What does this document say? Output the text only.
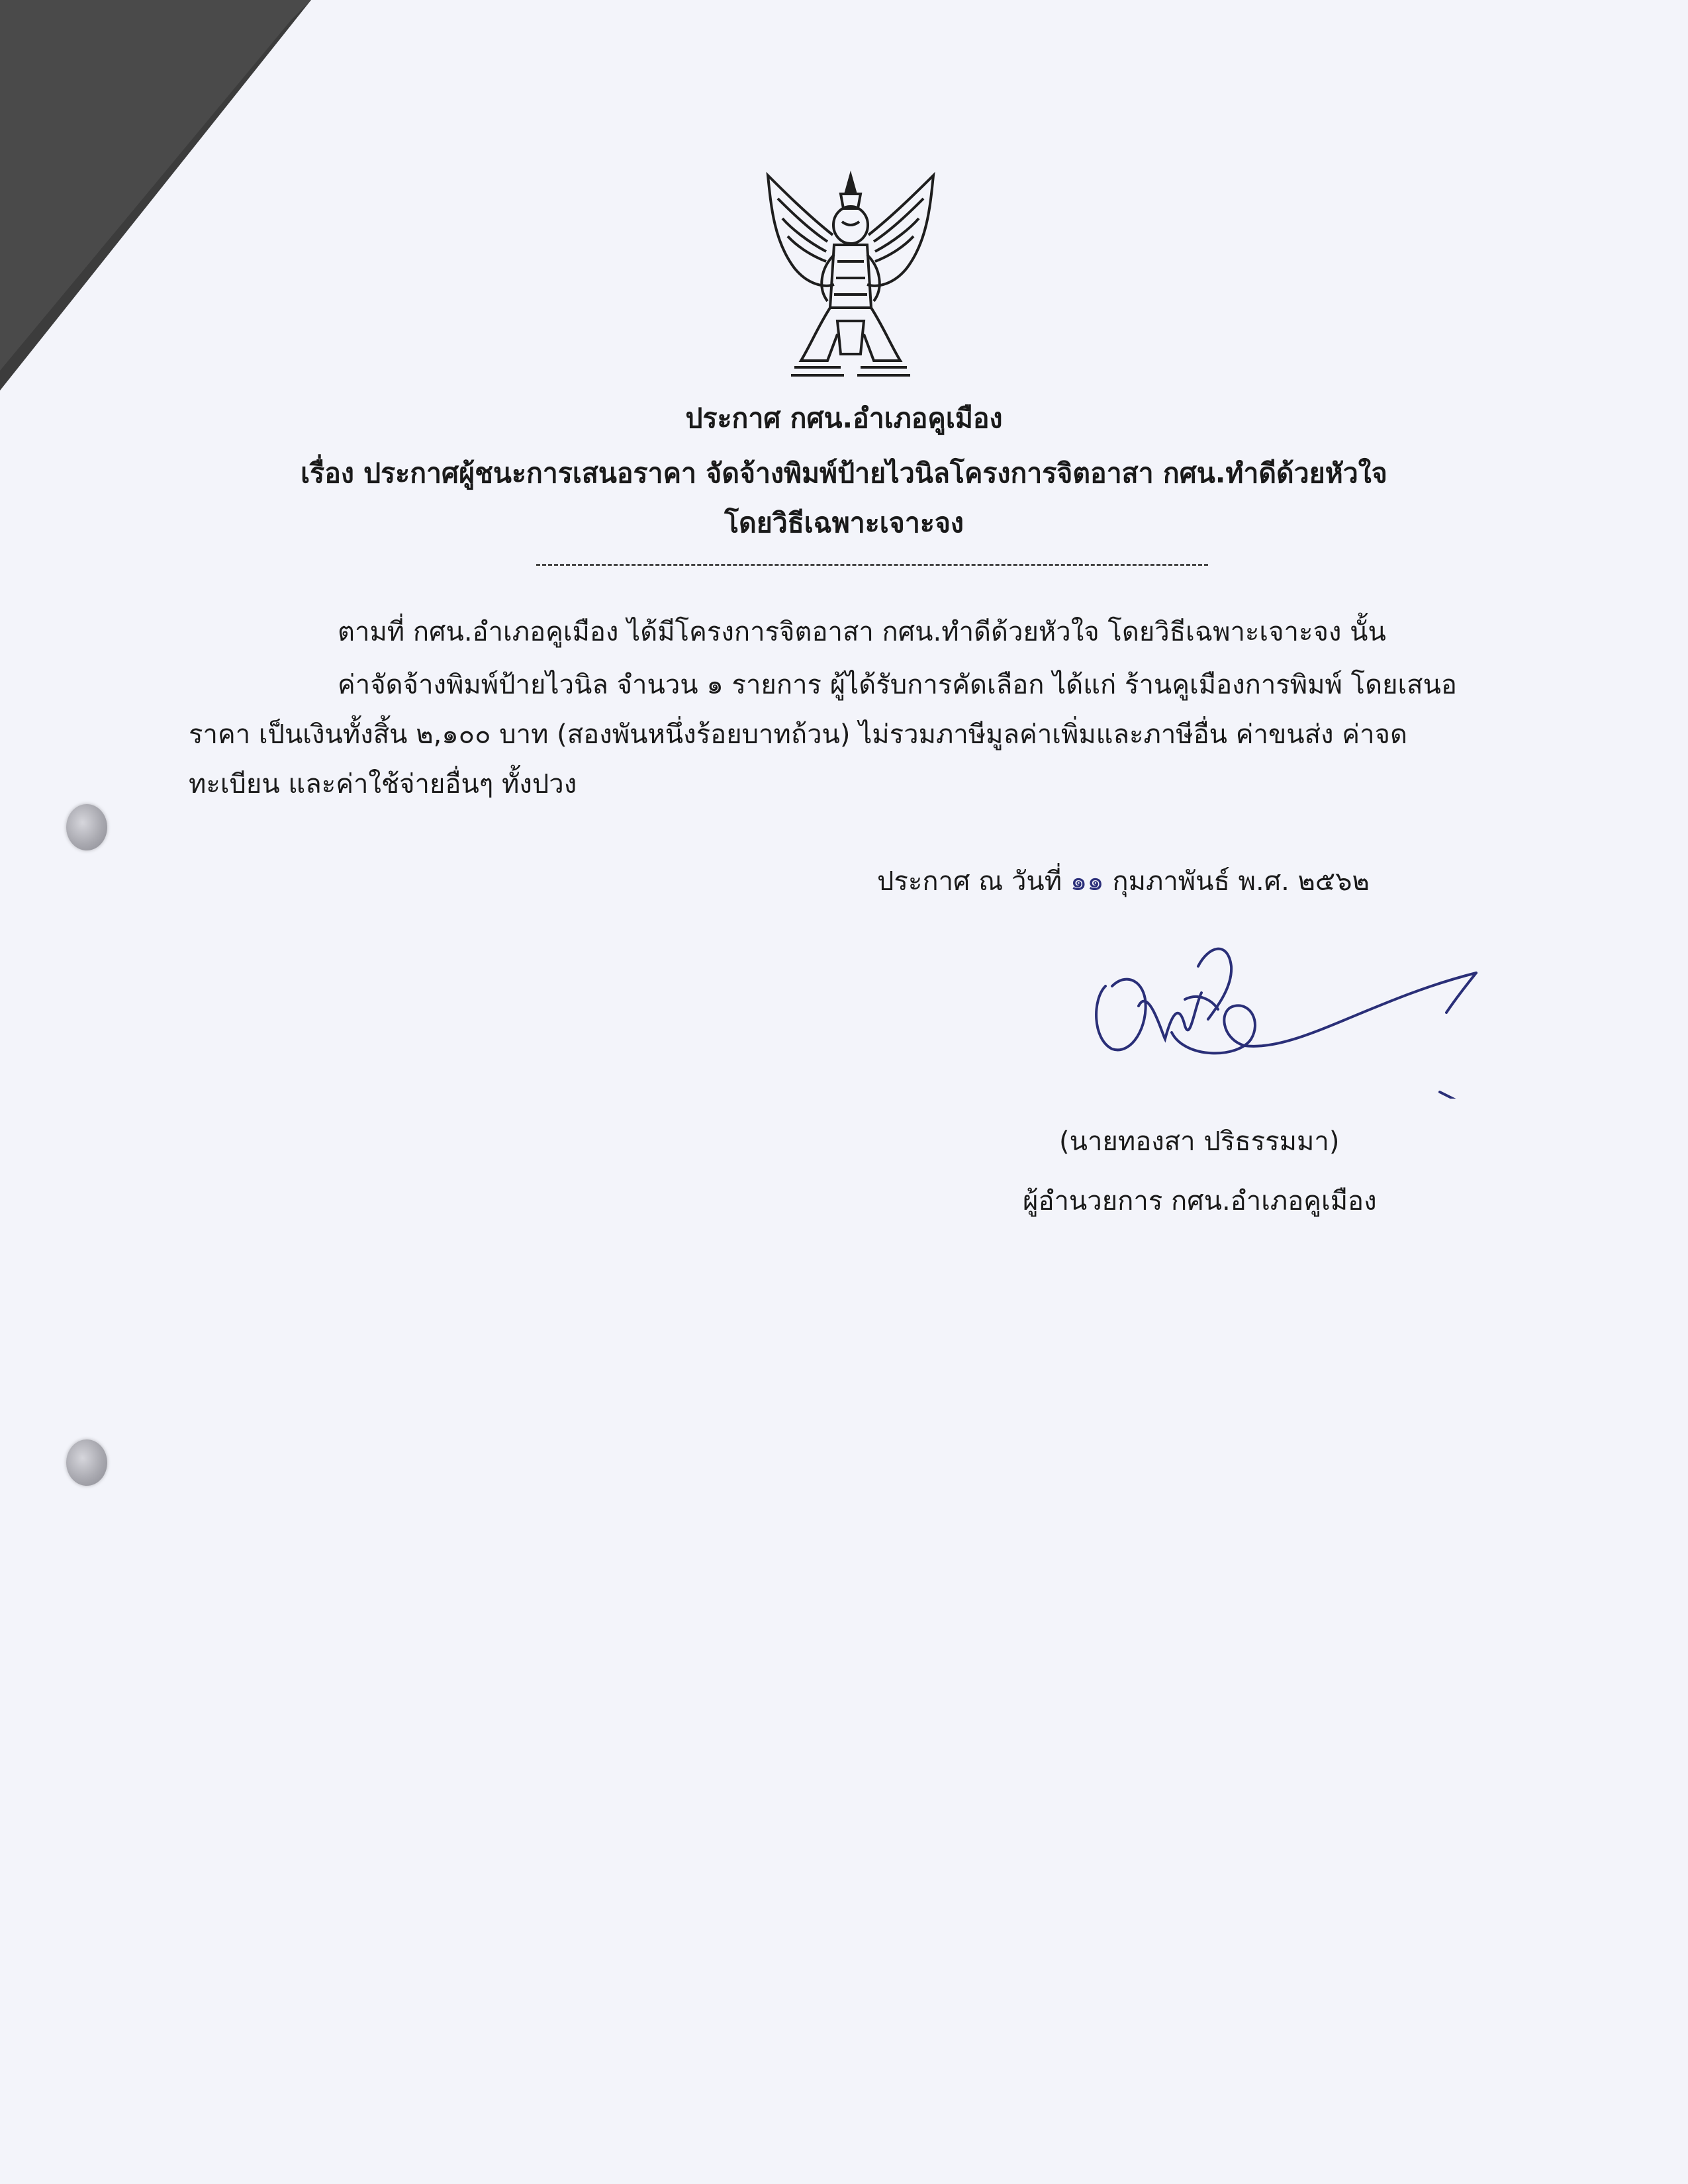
ประกาศ กศน.อำเภอคูเมือง
เรื่อง ประกาศผู้ชนะการเสนอราคา จัดจ้างพิมพ์ป้ายไวนิลโครงการจิตอาสา กศน.ทำดีด้วยหัวใจ
โดยวิธีเฉพาะเจาะจง
ตามที่ กศน.อำเภอคูเมือง ได้มีโครงการจิตอาสา กศน.ทำดีด้วยหัวใจ โดยวิธีเฉพาะเจาะจง นั้น
ค่าจัดจ้างพิมพ์ป้ายไวนิล จำนวน ๑ รายการ ผู้ได้รับการคัดเลือก ได้แก่ ร้านคูเมืองการพิมพ์ โดยเสนอ
ราคา เป็นเงินทั้งสิ้น ๒,๑๐๐ บาท (สองพันหนึ่งร้อยบาทถ้วน) ไม่รวมภาษีมูลค่าเพิ่มและภาษีอื่น ค่าขนส่ง ค่าจด
ทะเบียน และค่าใช้จ่ายอื่นๆ ทั้งปวง
ประกาศ ณ วันที่ ๑๑ กุมภาพันธ์ พ.ศ. ๒๕๖๒
(นายทองสา ปริธรรมมา)
ผู้อำนวยการ กศน.อำเภอคูเมือง
